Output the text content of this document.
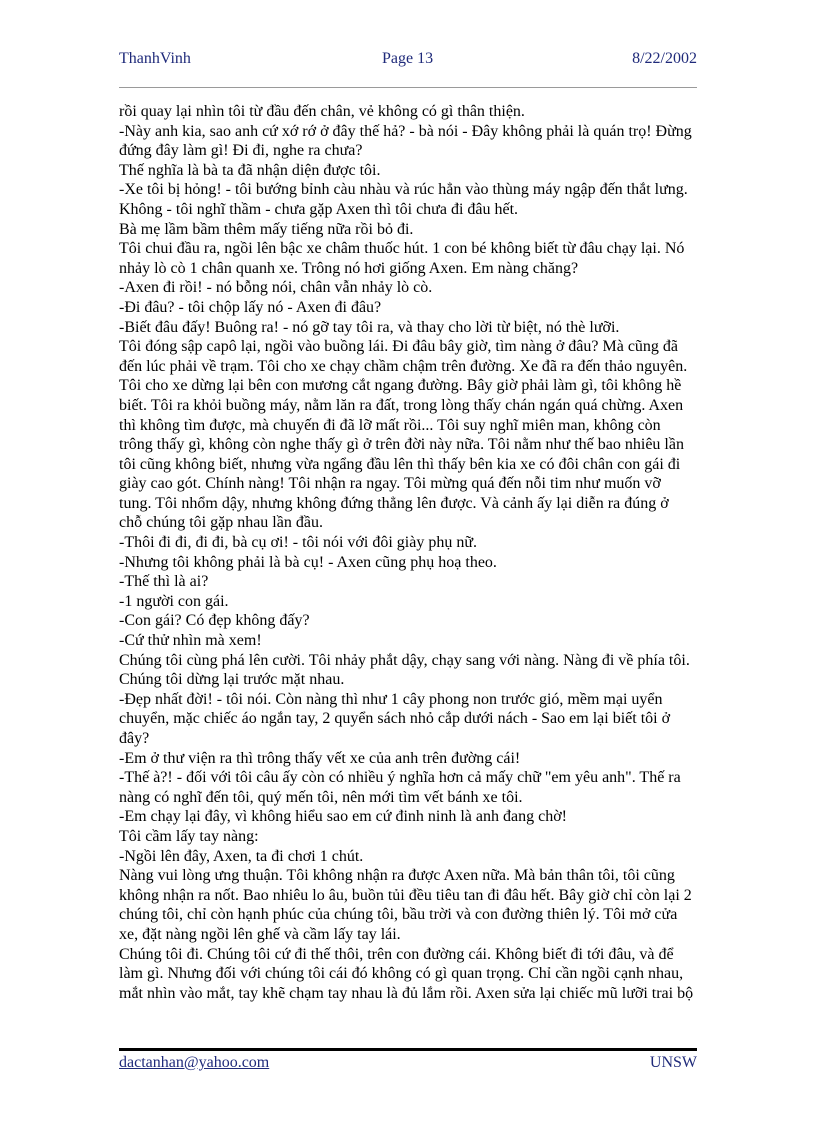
ThanhVinh	Page 13	8/22/2002

rồi quay lại nhìn tôi từ đầu đến chân, vẻ không có gì thân thiện.

-Này anh kia, sao anh cứ xớ rớ ở đây thế hả? - bà nói - Đây không phải là quán trọ! Đừng

đứng đây làm gì! Đi đi, nghe ra chưa?

Thế nghĩa là bà ta đã nhận diện được tôi.

-Xe tôi bị hỏng! - tôi bướng bỉnh càu nhàu và rúc hẳn vào thùng máy ngập đến thắt lưng.

Không - tôi nghĩ thầm - chưa gặp Axen thì tôi chưa đi đâu hết.

Bà mẹ lầm bầm thêm mấy tiếng nữa rồi bỏ đi.

Tôi chui đầu ra, ngồi lên bậc xe châm thuốc hút. 1 con bé không biết từ đâu chạy lại. Nó

nhảy lò cò 1 chân quanh xe. Trông nó hơi giống Axen. Em nàng chăng?

-Axen đi rồi! - nó bỗng nói, chân vẫn nhảy lò cò.

-Đi đâu? - tôi chộp lấy nó - Axen đi đâu?

-Biết đâu đấy! Buông ra! - nó gỡ tay tôi ra, và thay cho lời từ biệt, nó thè lưỡi.

Tôi đóng sập capô lại, ngồi vào buồng lái. Đi đâu bây giờ, tìm nàng ở đâu? Mà cũng đã

đến lúc phải về trạm. Tôi cho xe chạy chầm chậm trên đường. Xe đã ra đến thảo nguyên.

Tôi cho xe dừng lại bên con mương cắt ngang đường. Bây giờ phải làm gì, tôi không hề

biết. Tôi ra khỏi buồng máy, nằm lăn ra đất, trong lòng thấy chán ngán quá chừng. Axen

thì không tìm được, mà chuyến đi đã lỡ mất rồi... Tôi suy nghĩ miên man, không còn

trông thấy gì, không còn nghe thấy gì ở trên đời này nữa. Tôi nằm như thế bao nhiêu lần

tôi cũng không biết, nhưng vừa ngẩng đầu lên thì thấy bên kia xe có đôi chân con gái đi

giày cao gót. Chính nàng! Tôi nhận ra ngay. Tôi mừng quá đến nỗi tim như muốn vỡ

tung. Tôi nhổm dậy, nhưng không đứng thẳng lên được. Và cảnh ấy lại diễn ra đúng ở

chỗ chúng tôi gặp nhau lần đầu.

-Thôi đi đi, đi đi, bà cụ ơi! - tôi nói với đôi giày phụ nữ.

-Nhưng tôi không phải là bà cụ! - Axen cũng phụ hoạ theo.

-Thế thì là ai?

-1 người con gái.

-Con gái? Có đẹp không đấy?

-Cứ thử nhìn mà xem!

Chúng tôi cùng phá lên cười. Tôi nhảy phắt dậy, chạy sang với nàng. Nàng đi về phía tôi.

Chúng tôi dừng lại trước mặt nhau.

-Đẹp nhất đời! - tôi nói. Còn nàng thì như 1 cây phong non trước gió, mềm mại uyển

chuyển, mặc chiếc áo ngắn tay, 2 quyển sách nhỏ cắp dưới nách - Sao em lại biết tôi ở

đây?

-Em ở thư viện ra thì trông thấy vết xe của anh trên đường cái!

-Thế à?! - đối với tôi câu ấy còn có nhiều ý nghĩa hơn cả mấy chữ "em yêu anh". Thế ra

nàng có nghĩ đến tôi, quý mến tôi, nên mới tìm vết bánh xe tôi.

-Em chạy lại đây, vì không hiểu sao em cứ đinh ninh là anh đang chờ!

Tôi cầm lấy tay nàng:

-Ngồi lên đây, Axen, ta đi chơi 1 chút.

Nàng vui lòng ưng thuận. Tôi không nhận ra được Axen nữa. Mà bản thân tôi, tôi cũng

không nhận ra nốt. Bao nhiêu lo âu, buồn tủi đều tiêu tan đi đâu hết. Bây giờ chỉ còn lại 2

chúng tôi, chỉ còn hạnh phúc của chúng tôi, bầu trời và con đường thiên lý. Tôi mở cửa

xe, đặt nàng ngồi lên ghế và cầm lấy tay lái.

Chúng tôi đi. Chúng tôi cứ đi thế thôi, trên con đường cái. Không biết đi tới đâu, và để

làm gì. Nhưng đối với chúng tôi cái đó không có gì quan trọng. Chỉ cần ngồi cạnh nhau,

mắt nhìn vào mắt, tay khẽ chạm tay nhau là đủ lắm rồi. Axen sửa lại chiếc mũ lưỡi trai bộ

dactanhan@yahoo.com	UNSW
